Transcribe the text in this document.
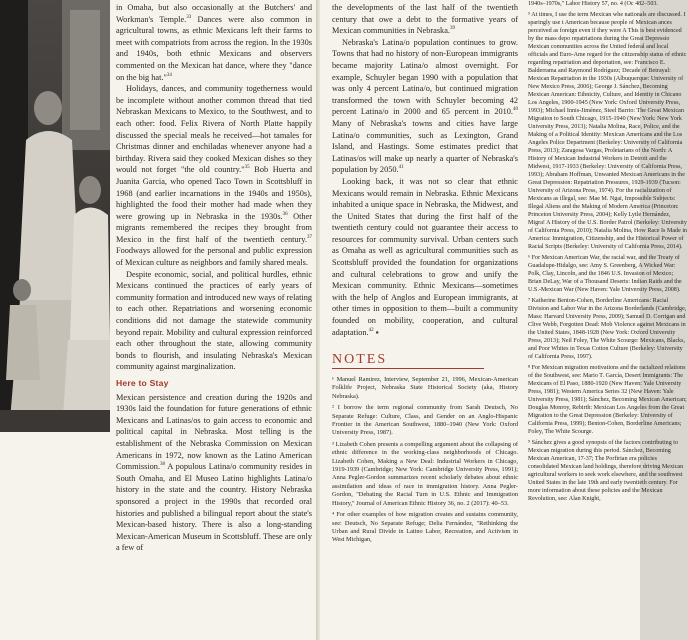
in Omaha, but also occasionally at the Butchers' and Workman's Temple.$^{33}$ Dances were also common in agricultural towns, as ethnic Mexicans left their farms to meet with compatriots from across the region. In the 1930s and 1940s, both ethnic Mexicans and observers commented on the Mexican hat dance, where they "dance on the big hat."$^{34}$

Holidays, dances, and community togetherness would be incomplete without another common thread that tied Nebraskan Mexicans to Mexico, to the Southwest, and to each other: food. Felix Rivera of North Platte happily discussed the special meals he received—hot tamales for Christmas dinner and enchiladas whenever anyone had a birthday. Rivera said they cooked Mexican dishes so they would not forget "the old country."$^{35}$ Bob Huerta and Juanita Garcia, who opened Taco Town in Scottsbluff in 1968 (and earlier incarnations in the 1940s and 1950s), highlighted the food their mother had made when they were growing up in Nebraska in the 1930s.$^{36}$ Other migrants remembered the recipes they brought from Mexico in the first half of the twentieth century.$^{37}$ Foodways allowed for the personal and public expression of Mexican culture as neighbors and family shared meals.

Despite economic, social, and political hurdles, ethnic Mexicans continued the practices of early years of community formation and introduced new ways of relating to each other. Repatriations and worsening economic conditions did not damage the statewide community beyond repair. Mobility and cultural expression reinforced each other throughout the state, allowing community bonds to flourish, and insulating Nebraska's Mexican community against marginalization.

Here to Stay

Mexican persistence and creation during the 1920s and 1930s laid the foundation for future generations of ethnic Mexicans and Latinas/os to gain access to economic and political capital in Nebraska. Most telling is the establishment of the Nebraska Commission on Mexican Americans in 1972, now known as the Latino American Commission.$^{38}$ A populous Latina/o community resides in South Omaha, and El Museo Latino highlights Latina/o history in the state and the country. History Nebraska sponsored a project in the 1990s that recorded oral histories and published a bilingual report about the state's Mexican-based history. There is also a long-standing Mexican-American Museum in Scottsbluff. These are only a few of

the developments of the last half of the twentieth century that owe a debt to the formative years of Mexican communities in Nebraska.$^{39}$

Nebraska's Latina/o population continues to grow. Towns that had no history of non-European immigrants became majority Latina/o almost overnight. For example, Schuyler began 1990 with a population that was only 4 percent Latina/o, but continued migration transformed the town with Schuyler becoming 42 percent Latina/o in 2000 and 65 percent in 2010.40 Many of Nebraska's towns and cities have large Latina/o communities, such as Lexington, Grand Island, and Hastings. Some estimates predict that Latinas/os will make up nearly a quarter of Nebraska's population by 2050.41

Looking back, it was not so clear that ethnic Mexicans would remain in Nebraska. Ethnic Mexicans inhabited a unique space in Nebraska, the Midwest, and the United States that during the first half of the twentieth century could not guarantee their access to resources for community survival. Urban centers such as Omaha as well as agricultural communities such as Scottsbluff provided the foundation for organizations and cultural celebrations to grow and unify the Mexican community. Ethnic Mexicans—sometimes with the help of Anglos and European immigrants, at other times in opposition to them—built a community founded on mobility, cooperation, and cultural adaptation.$^{42}$ ▪

NOTES

¹ Manuel Ramirez, Interview, September 21, 1996, Mexican-American Folklife Project, Nebraska State Historical Society (aka, History Nebraska).

² I borrow the term regional community from Sarah Deutsch, No Separate Refuge: Culture, Class, and Gender on an Anglo-Hispanic Frontier in the American Southwest, 1880–1940 (New York: Oxford University Press, 1987).

³ Lizabeth Cohen presents a compelling argument about the collapsing of ethnic difference in the working-class neighborhoods of Chicago. Lizabeth Cohen, Making a New Deal: Industrial Workers in Chicago, 1919-1939 (Cambridge; New York: Cambridge University Press, 1991); Anna Pegler-Gordon summarizes recent scholarly debates about ethnic assimilation and ideas of race in immigration history. Anna Pegler-Gordon, "Debating the Racial Turn in U.S. Ethnic and Immigration History," Journal of American Ethnic History 36, no. 2 (2017): 40–53.

⁴ For other examples of how migration creates and sustains community, see: Deutsch, No Separate Refuge; Delia Fernández, "Rethinking the Urban and Rural Divide in Latino Labor, Recreation, and Activism in West Michigan,

1940s–1970s," Labor History 57, no. 4 (Oc 482–503.

⁵ At times, I use the term Mexican whe nationals are discussed. I sparingly use t American because people of Mexican ances perceived as foreign even if they were A This is best evidenced by the mass depo repatriations during the Great Depressio Mexican communities across the United federal and local officials and Euro-Ame regard for the citizenship status of ethnic regarding repatriation and deportation, see: Francisco E. Balderrama and Raymond Rodríguez; Decade of Betrayal: Mexican Repatriation in the 1930s (Albuquerque: University of New Mexico Press, 2006); George J. Sánchez, Becoming Mexican American: Ethnicity, Culture, and Identity in Chicano Los Angeles, 1900-1945 (New York: Oxford University Press, 1993); Michael Innis-Jiménez, Steel Barrio: The Great Mexican Migration to South Chicago, 1915-1940 (New York: New York University Press, 2013); Natalia Molina, Race, Police, and the Making of a Political Identity: Mexican Americans and the Los Angeles Police Department (Berkeley: University of California Press, 2013); Zaragosa Vargas, Proletarians of the North: A History of Mexican Industrial Workers in Detroit and the Midwest, 1917-1933 (Berkeley: University of California Press, 1993); Abraham Hoffman, Unwanted Mexican Americans in the Great Depression: Repatriation Pressures, 1929-1939 (Tucson: University of Arizona Press, 1974). For the racialization of Mexicans as illegal, see: Mae M. Ngai, Impossible Subjects: Illegal Aliens and the Making of Modern America (Princeton: Princeton University Press, 2004); Kelly Lytle Hernández, Migra! A History of the U.S. Border Patrol (Berkeley: University of California Press, 2010); Natalia Molina, How Race Is Made in America: Immigration, Citizenship, and the Historical Power of Racial Scripts (Berkeley: University of California Press, 2014).

⁶ For Mexican American War, the racial war, and the Treaty of Guadalupe-Hidalgo, see: Amy S. Greenberg, A Wicked War: Polk, Clay, Lincoln, and the 1846 U.S. Invasion of Mexico; Brian DeLay, War of a Thousand Deserts: Indian Raids and the U.S.-Mexican War (New Haven: Yale University Press, 2008).

⁷ Katherine Benton-Cohen, Borderline Americans: Racial Division and Labor War in the Arizona Borderlands (Cambridge, Mass: Harvard University Press, 2009); Samuel D. Corrigan and Clive Webb, Forgotten Dead: Mob Violence against Mexicans in the United States, 1848-1928 (New York: Oxford University Press, 2013); Neil Foley, The White Scourge: Mexicans, Blacks, and Poor Whites in Texas Cotton Culture (Berkeley: University of California Press, 1997).

⁸ For Mexican migration motivations and the racialized relations of the Southwest, see: Mario T. García, Desert Immigrants: The Mexicans of El Paso, 1880-1920 (New Haven: Yale University Press, 1981); Western America Series 32 (New Haven: Yale University Press, 1981); Sánchez, Becoming Mexican American; Douglas Monroy, Rebirth: Mexican Los Angeles from the Great Migration to the Great Depression (Berkeley: University of California Press, 1999); Benton-Cohen, Borderline Americans; Foley, The White Scourge.

⁹ Sánchez gives a good synopsis of the factors contributing to Mexican migration during this period. Sánchez, Becoming Mexican American, 17-37; The Porfirian era policies consolidated Mexican land holdings, therefore driving Mexican agricultural workers to seek work elsewhere, and the southwest United States in the late 19th and early twentieth century. For more information about these policies and the Mexican Revolution, see: Alan Knight,
